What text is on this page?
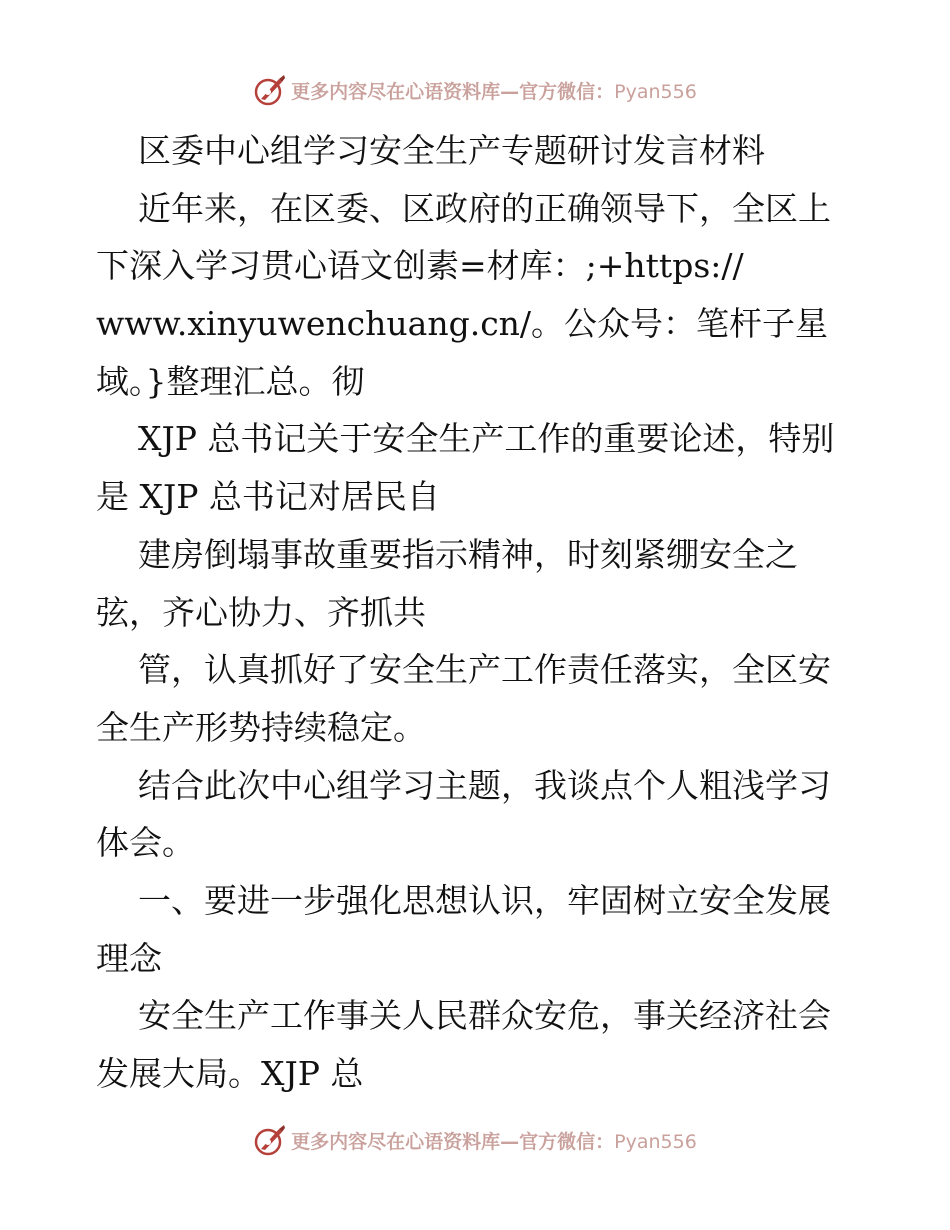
更多内容尽在心语资料库—官方微信：Pyan556
区委中心组学习安全生产专题研讨发言材料
近年来，在区委、区政府的正确领导下，全区上
下深入学习贯心语文创素=材库：;+https://
www.xinyuwenchuang.cn/。公众号：笔杆子星
域。}整理汇总。彻
XJP 总书记关于安全生产工作的重要论述，特别
是 XJP 总书记对居民自
建房倒塌事故重要指示精神，时刻紧绷安全之
弦，齐心协力、齐抓共
管，认真抓好了安全生产工作责任落实，全区安
全生产形势持续稳定。
结合此次中心组学习主题，我谈点个人粗浅学习
体会。
一、要进一步强化思想认识，牢固树立安全发展
理念
安全生产工作事关人民群众安危，事关经济社会
发展大局。XJP 总
更多内容尽在心语资料库—官方微信：Pyan556
